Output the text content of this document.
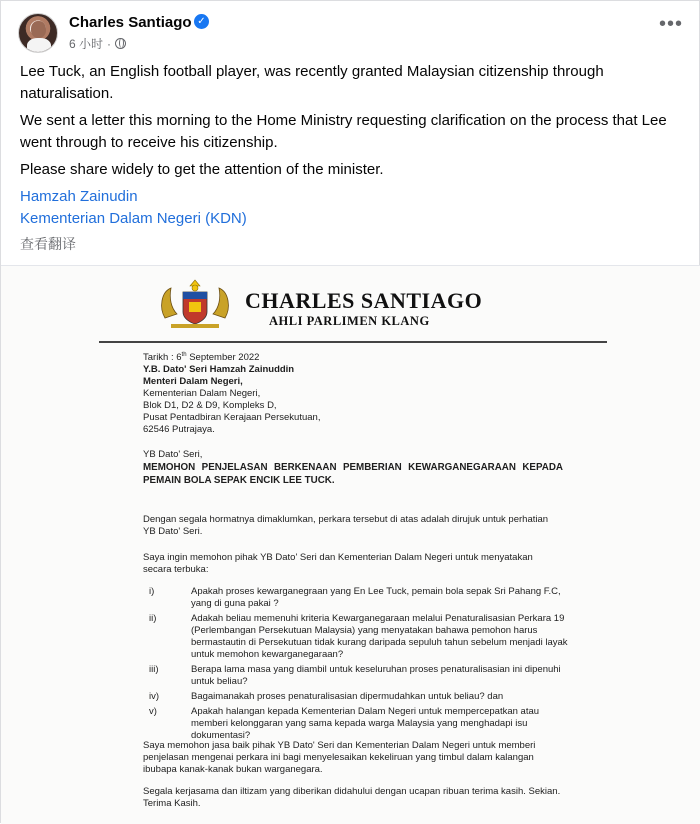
Charles Santiago ✓
6 小时 ·
•••

Lee Tuck, an English football player, was recently granted Malaysian citizenship through naturalisation.

We sent a letter this morning to the Home Ministry requesting clarification on the process that Lee went through to receive his citizenship.

Please share widely to get the attention of the minister.

Hamzah Zainudin
Kementerian Dalam Negeri (KDN)
查看翻译
CHARLES SANTIAGO
AHLI PARLIMEN KLANG
Tarikh : 6th September 2022
Y.B. Dato' Seri Hamzah Zainuddin
Menteri Dalam Negeri,
Kementerian Dalam Negeri,
Blok D1, D2 & D9, Kompleks D,
Pusat Pentadbiran Kerajaan Persekutuan,
62546 Putrajaya.
YB Dato' Seri,
MEMOHON PENJELASAN BERKENAAN PEMBERIAN KEWARGANEGARAAN KEPADA PEMAIN BOLA SEPAK ENCIK LEE TUCK.
Dengan segala hormatnya dimaklumkan, perkara tersebut di atas adalah dirujuk untuk perhatian YB Dato' Seri.
Saya ingin memohon pihak YB Dato' Seri dan Kementerian Dalam Negeri untuk menyatakan secara terbuka:
i)	Apakah proses kewarganegraan yang En Lee Tuck, pemain bola sepak Sri Pahang F.C, yang di guna pakai ?
ii)	Adakah beliau memenuhi kriteria Kewarganegaraan melalui Penaturalisasian Perkara 19 (Perlembangan Persekutuan Malaysia) yang menyatakan bahawa pemohon harus bermastautin di Persekutuan tidak kurang daripada sepuluh tahun sebelum menjadi layak untuk memohon kewarganegaraan?
iii)	Berapa lama masa yang diambil untuk keseluruhan proses penaturalisasian ini dipenuhi untuk beliau?
iv)	Bagaimanakah proses penaturalisasian dipermudahkan untuk beliau? dan
v)	Apakah halangan kepada Kementerian Dalam Negeri untuk mempercepatkan atau memberi kelonggaran yang sama kepada warga Malaysia yang menghadapi isu dokumentasi?
Saya memohon jasa baik pihak YB Dato' Seri dan Kementerian Dalam Negeri untuk memberi penjelasan mengenai perkara ini bagi menyelesaikan kekeliruan yang timbul dalam kalangan ibubapa kanak-kanak bukan warganegara.
Segala kerjasama dan iltizam yang diberikan didahului dengan ucapan ribuan terima kasih. Sekian. Terima Kasih.
